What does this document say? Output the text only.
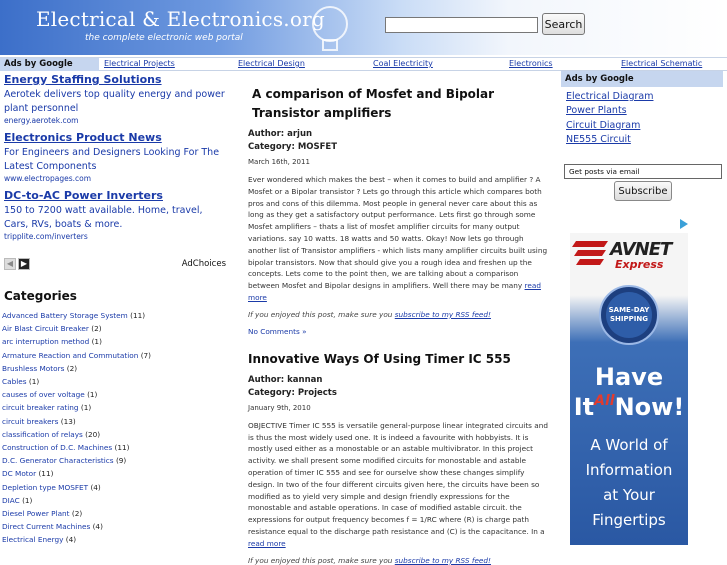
Electrical & Electronics.org
the complete electronic web portal
Search
Ads by Google	Electrical Projects	Electrical Design	Coal Electricity	Electronics	Electrical Schematic
Energy Staffing Solutions
Aerotek delivers top quality energy and power plant personnel
energy.aerotek.com
Electronics Product News
For Engineers and Designers Looking For The Latest Components
www.electropages.com
DC-to-AC Power Inverters
150 to 7200 watt available. Home, travel, Cars, RVs, boats & more.
tripplite.com/inverters
◀ ▶	AdChoices
Categories
Advanced Battery Storage System (11)
Air Blast Circuit Breaker (2)
arc interruption method (1)
Armature Reaction and Commutation (7)
Brushless Motors (2)
Cables (1)
causes of over voltage (1)
circuit breaker rating (1)
circuit breakers (13)
classification of relays (20)
Construction of D.C. Machines (11)
D.C. Generator Characteristics (9)
DC Motor (11)
Depletion type MOSFET (4)
DIAC (1)
Diesel Power Plant (2)
Direct Current Machines (4)
Electrical Energy (4)
A comparison of Mosfet and Bipolar Transistor amplifiers
Author: arjun
Category: MOSFET
March 16th, 2011
Ever wondered which makes the best – when it comes to build and amplifier ? A Mosfet or a Bipolar transistor ? Lets go through this article which compares both pros and cons of this dilemma. Most people in general never care about this as long as they get a satisfactory output performance. Lets first go through some Mosfet amplifiers – thats a list of mosfet amplifier circuits for many output variations. say 10 watts. 18 watts and 50 watts. Okay! Now lets go through another list of Transistor amplifiers - which lists many amplifier circuits built using bipolar transistors. Now that should give you a rough idea and freshen up the concepts. Lets come to the point then, we are talking about a comparison between Mosfet and Bipolar designs in amplifiers. Well there may be many read more
If you enjoyed this post, make sure you subscribe to my RSS feed!
No Comments »
Innovative Ways Of Using Timer IC 555
Author: kannan
Category: Projects
January 9th, 2010
OBJECTIVE Timer IC 555 is versatile general-purpose linear integrated circuits and is thus the most widely used one. It is indeed a favourite with hobbyists. It is mostly used either as a monostable or an astable multivibrator. In this project activity. we shall present some modified circuits for monostable and astable operation of timer IC 555 and see for ourselve show these changes simplify design. In two of the four different circuits given here, the circuits have been so modified as to yield very simple and design friendly expressions for the monostable and astable operations. In case of modified astable circuit. the expressions for output frequency becomes f = 1/RC where (R) is charge path resistance equal to the discharge path resistance and (C) is the capacitance. In a read more
If you enjoyed this post, make sure you subscribe to my RSS feed!
Ads by Google
Electrical Diagram
Power Plants
Circuit Diagram
NE555 Circuit
Get posts via email
Subscribe
AVNET
Express
SAME-DAY
SHIPPING
Have
$It^{All}Now$!
A World of
Information
at Your
Fingertips
